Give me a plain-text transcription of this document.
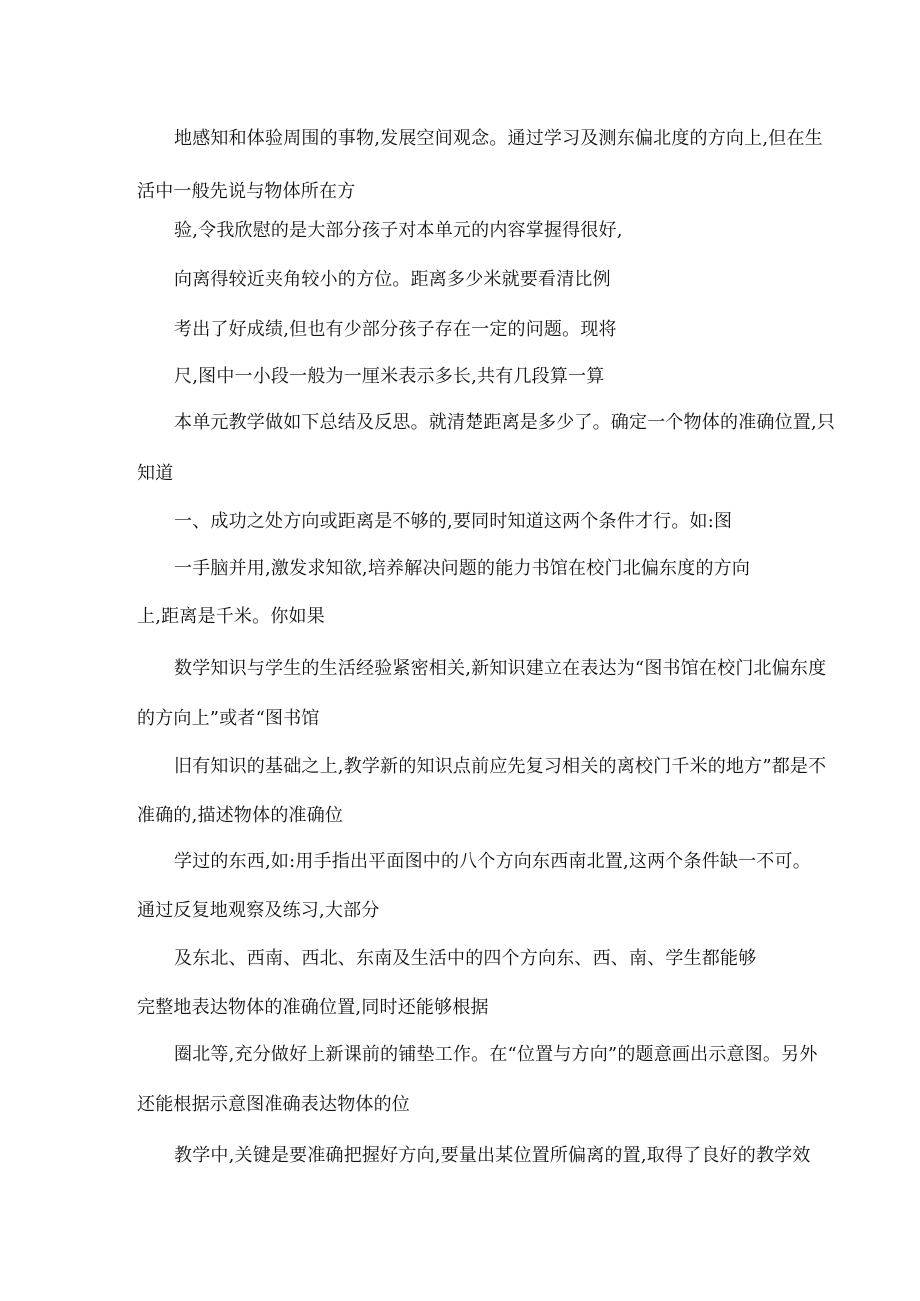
地感知和体验周围的事物,发展空间观念。通过学习及测东偏北度的方向上,但在生
活中一般先说与物体所在方
验,令我欣慰的是大部分孩子对本单元的内容掌握得很好,
向离得较近夹角较小的方位。距离多少米就要看清比例
考出了好成绩,但也有少部分孩子存在一定的问题。现将
尺,图中一小段一般为一厘米表示多长,共有几段算一算
本单元教学做如下总结及反思。就清楚距离是多少了。确定一个物体的准确位置,只
知道
一、成功之处方向或距离是不够的,要同时知道这两个条件才行。如:图
一手脑并用,激发求知欲,培养解决问题的能力书馆在校门北偏东度的方向
上,距离是千米。你如果
数学知识与学生的生活经验紧密相关,新知识建立在表达为“图书馆在校门北偏东度
的方向上”或者“图书馆
旧有知识的基础之上,教学新的知识点前应先复习相关的离校门千米的地方”都是不
准确的,描述物体的准确位
学过的东西,如:用手指出平面图中的八个方向东西南北置,这两个条件缺一不可。
通过反复地观察及练习,大部分
及东北、西南、西北、东南及生活中的四个方向东、西、南、学生都能够
完整地表达物体的准确位置,同时还能够根据
圈北等,充分做好上新课前的铺垫工作。在“位置与方向”的题意画出示意图。另外
还能根据示意图准确表达物体的位
教学中,关键是要准确把握好方向,要量出某位置所偏离的置,取得了良好的教学效
